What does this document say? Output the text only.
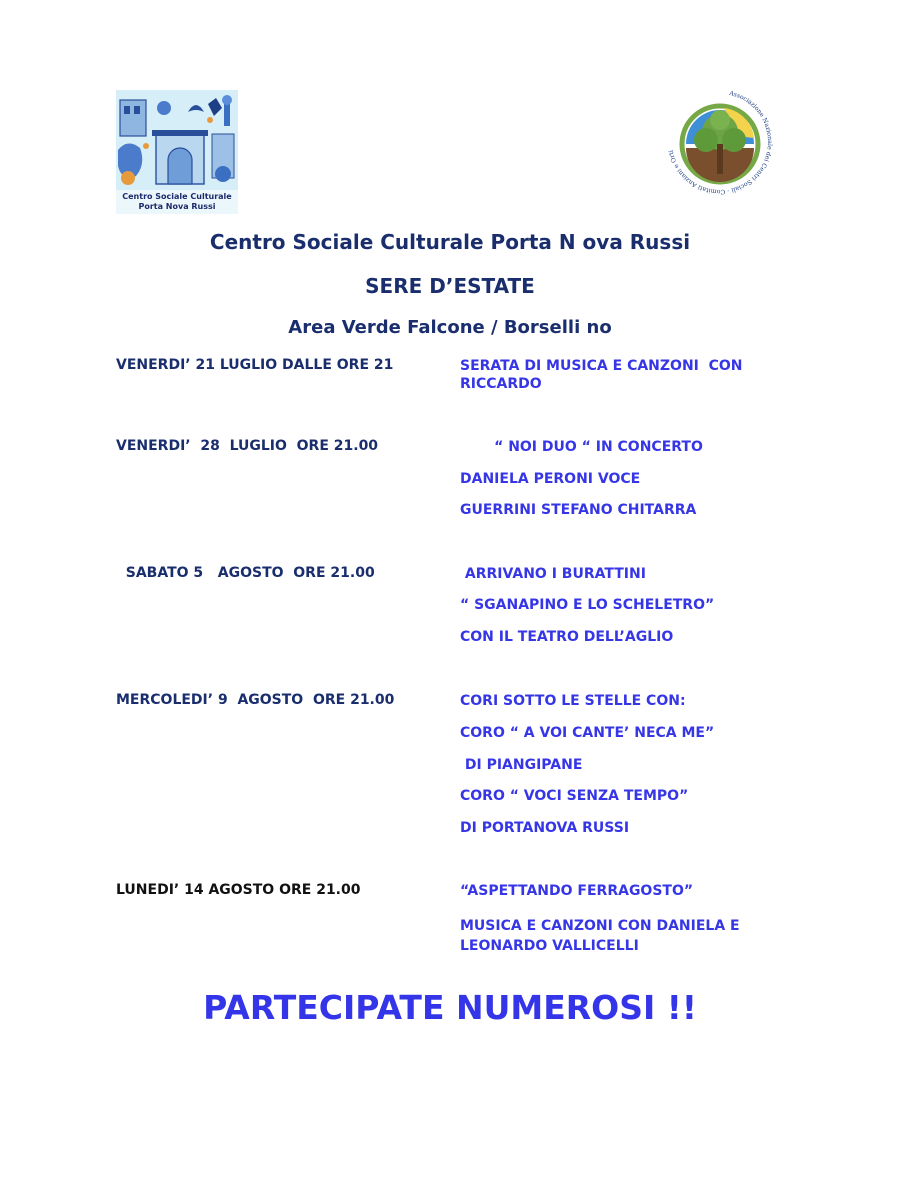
Centro Sociale Culturale
Porta Nova Russi
Associazione Nazionale dei Centri Sociali - Comitati Anziani e Orti
Centro Sociale Culturale Porta N ova Russi
SERE D’ESTATE
Area Verde Falcone / Borselli no
VENERDI’ 21 LUGLIO DALLE ORE 21	SERATA DI MUSICA E CANZONI  CON
RICCARDO
VENERDI’  28  LUGLIO  ORE 21.00	“ NOI DUO “ IN CONCERTO
DANIELA PERONI VOCE
GUERRINI STEFANO CHITARRA
SABATO 5   AGOSTO  ORE 21.00	ARRIVANO I BURATTINI
“ SGANAPINO E LO SCHELETRO”
CON IL TEATRO DELL’AGLIO
MERCOLEDI’ 9  AGOSTO  ORE 21.00	CORI SOTTO LE STELLE CON:
CORO “ A VOI CANTE’ NECA ME”
DI PIANGIPANE
CORO “ VOCI SENZA TEMPO”
DI PORTANOVA RUSSI
LUNEDI’ 14 AGOSTO ORE 21.00	“ASPETTANDO FERRAGOSTO”
MUSICA E CANZONI CON DANIELA E
LEONARDO VALLICELLI
PARTECIPATE NUMEROSI !!
